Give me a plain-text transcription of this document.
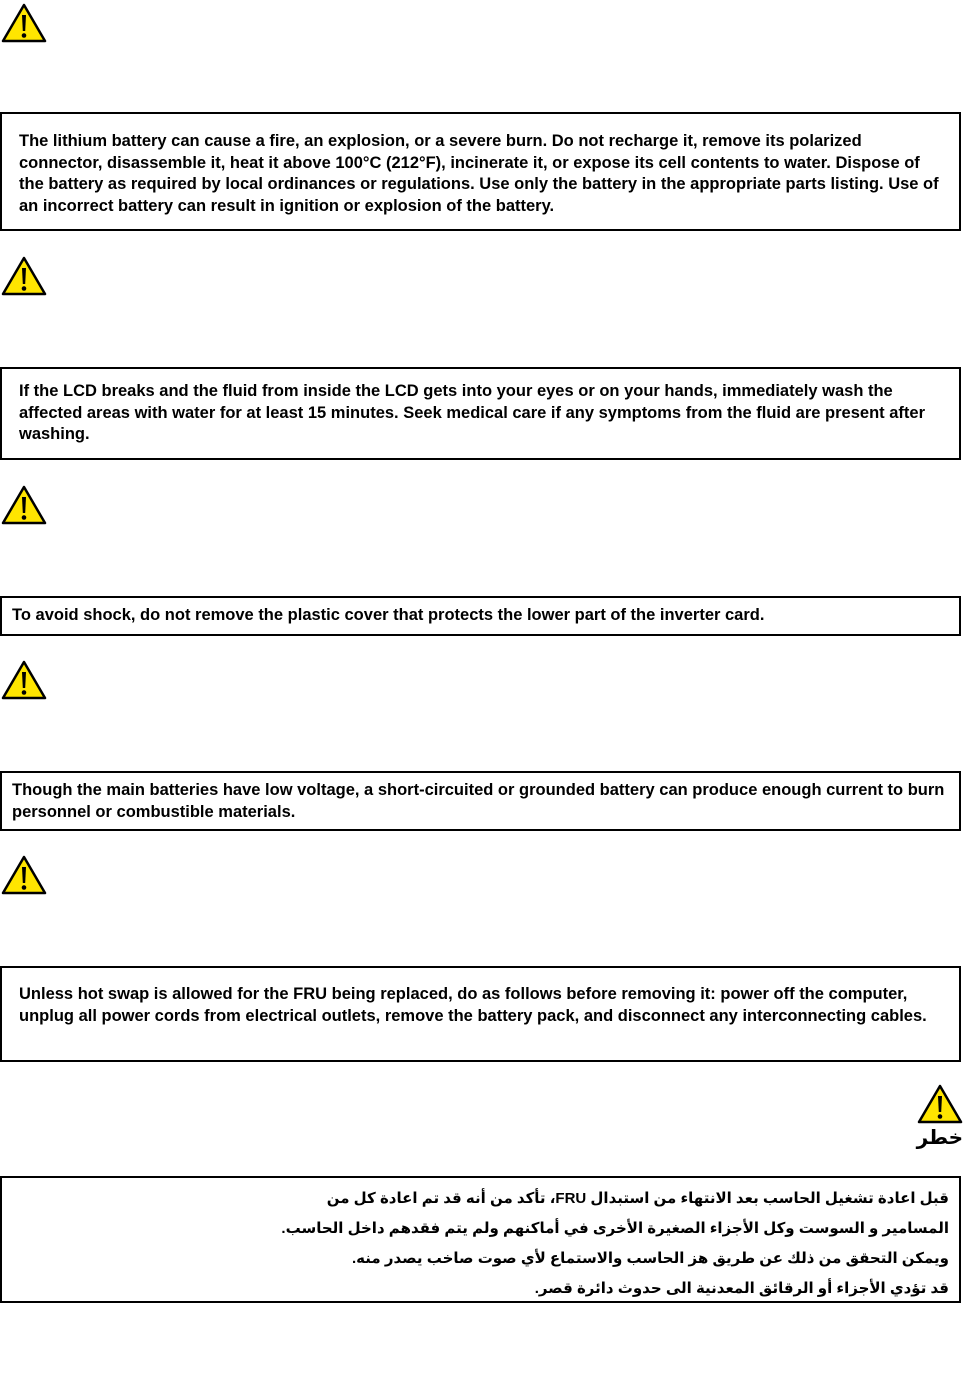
The lithium battery can cause a fire, an explosion, or a severe burn. Do not recharge it, remove its polarized connector, disassemble it, heat it above 100°C (212°F), incinerate it, or expose its cell contents to water. Dispose of the battery as required by local ordinances or regulations. Use only the battery in the appropriate parts listing. Use of an incorrect battery can result in ignition or explosion of the battery.

If the LCD breaks and the fluid from inside the LCD gets into your eyes or on your hands, immediately wash the affected areas with water for at least 15 minutes. Seek medical care if any symptoms from the fluid are present after washing.

To avoid shock, do not remove the plastic cover that protects the lower part of the inverter card.

Though the main batteries have low voltage, a short-circuited or grounded battery can produce enough current to burn personnel or combustible materials.

Unless hot swap is allowed for the FRU being replaced, do as follows before removing it: power off the computer, unplug all power cords from electrical outlets, remove the battery pack, and disconnect any interconnecting cables.

خطر

قبل اعادة تشغيل الحاسب بعد الانتهاء من استبدال FRU، تأكد من أنه قد تم اعادة كل من

المسامير و السوست وكل الأجزاء الصغيرة الأخرى في أماكنهم ولم يتم فقدهم داخل الحاسب.

ويمكن التحقق من ذلك عن طريق هز الحاسب والاستماع لأي صوت صاخب يصدر منه.

قد تؤدي الأجزاء أو الرقائق المعدنية الى حدوث دائرة قصر.
